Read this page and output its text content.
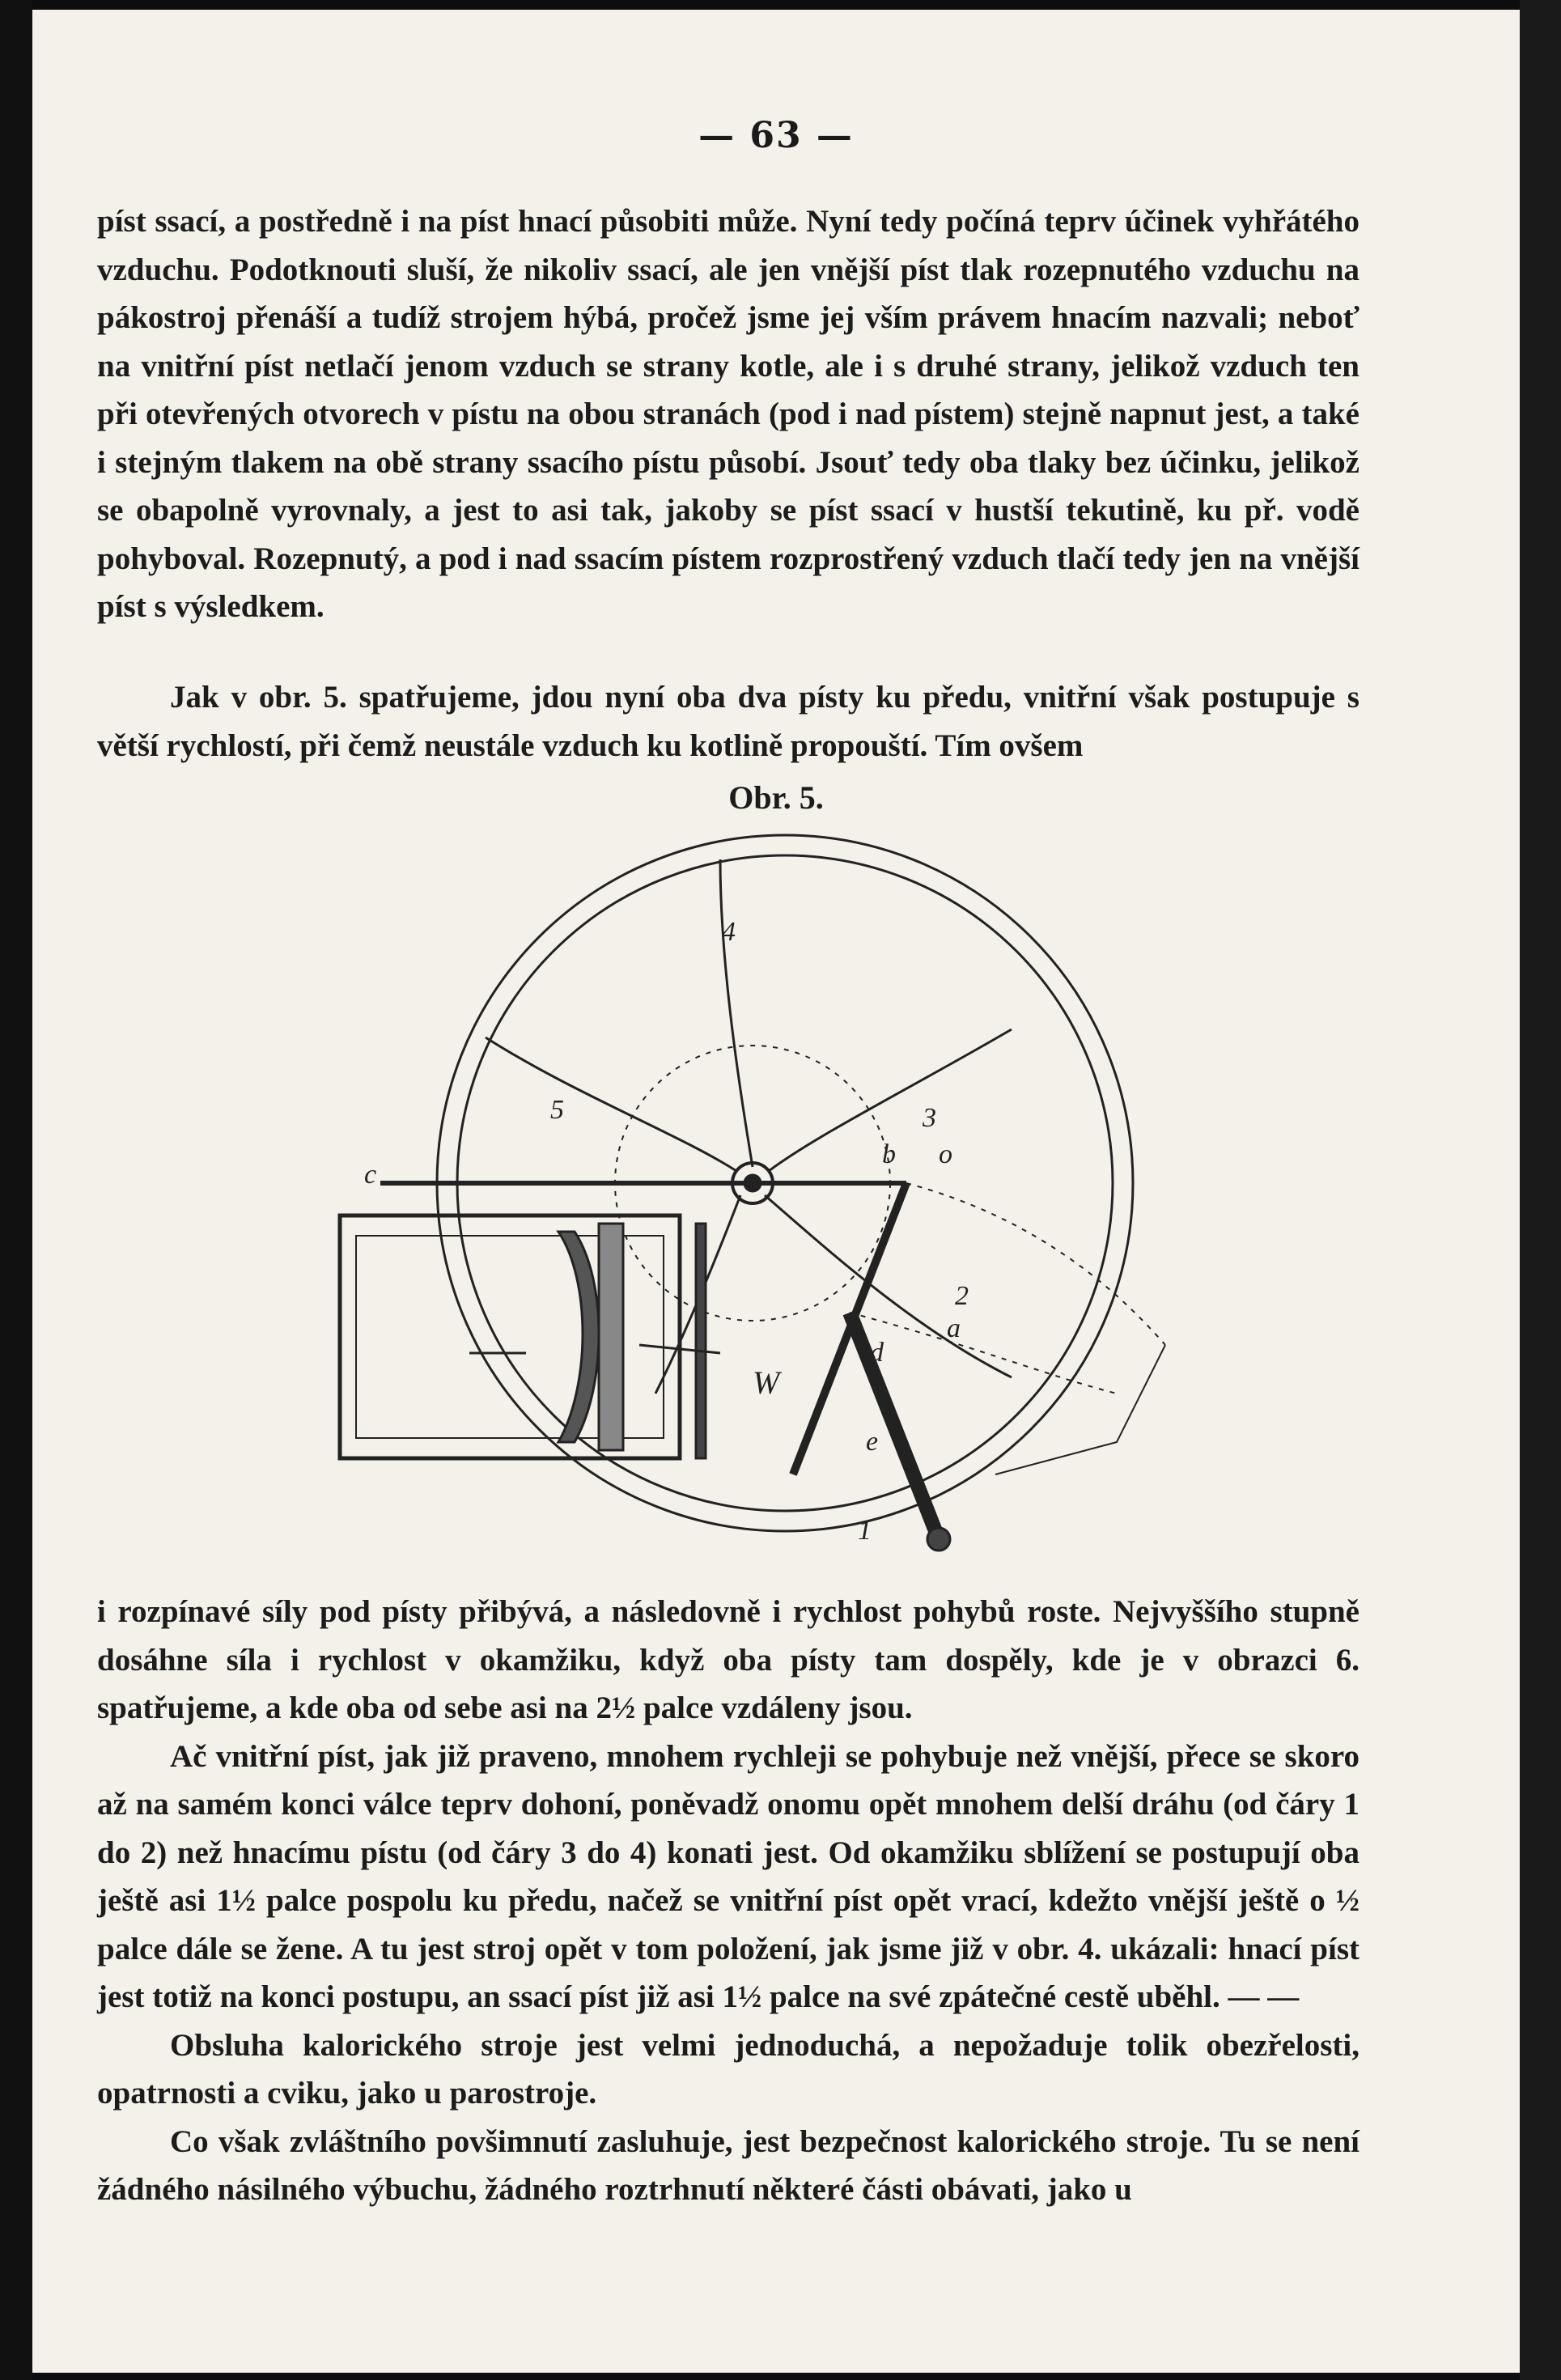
— 63 —

píst ssací, a postředně i na píst hnací působiti může. Nyní tedy počíná teprv účinek vyhřátého vzduchu. Podotknouti sluší, že nikoliv ssací, ale jen vnější píst tlak rozepnutého vzduchu na pákostroj přenáší a tudíž strojem hýbá, pročež jsme jej vším právem hnacím nazvali; neboť na vnitřní píst netlačí jenom vzduch se strany kotle, ale i s druhé strany, jelikož vzduch ten při otevřených otvorech v pístu na obou stranách (pod i nad pístem) stejně napnut jest, a také i stejným tlakem na obě strany ssacího pístu působí. Jsouť tedy oba tlaky bez účinku, jelikož se obapolně vyrovnaly, a jest to asi tak, jakoby se píst ssací v hustší tekutině, ku př. vodě pohyboval. Rozepnutý, a pod i nad ssacím pístem rozprostřený vzduch tlačí tedy jen na vnější píst s výsledkem.

Jak v obr. 5. spatřujeme, jdou nyní oba dva písty ku předu, vnitřní však postupuje s větší rychlostí, při čemž neustále vzduch ku kotlině propouští. Tím ovšem

Obr. 5.
4
3
5
c
b o
2
a
d
e
W
1

i rozpínavé síly pod písty přibývá, a následovně i rychlost pohybů roste. Nejvyššího stupně dosáhne síla i rychlost v okamžiku, když oba písty tam dospěly, kde je v obrazci 6. spatřujeme, a kde oba od sebe asi na 2½ palce vzdáleny jsou.

Ač vnitřní píst, jak již praveno, mnohem rychleji se pohybuje než vnější, přece se skoro až na samém konci válce teprv dohoní, poněvadž onomu opět mnohem delší dráhu (od čáry 1 do 2) než hnacímu pístu (od čáry 3 do 4) konati jest. Od okamžiku sblížení se postupují oba ještě asi 1½ palce pospolu ku předu, načež se vnitřní píst opět vrací, kdežto vnější ještě o ½ palce dále se žene. A tu jest stroj opět v tom položení, jak jsme již v obr. 4. ukázali: hnací píst jest totiž na konci postupu, an ssací píst již asi 1½ palce na své zpátečné cestě uběhl. — —

Obsluha kalorického stroje jest velmi jednoduchá, a nepožaduje tolik obezřelosti, opatrnosti a cviku, jako u parostroje.

Co však zvláštního povšimnutí zasluhuje, jest bezpečnost kalorického stroje. Tu se není žádného násilného výbuchu, žádného roztrhnutí některé části obávati, jako u
